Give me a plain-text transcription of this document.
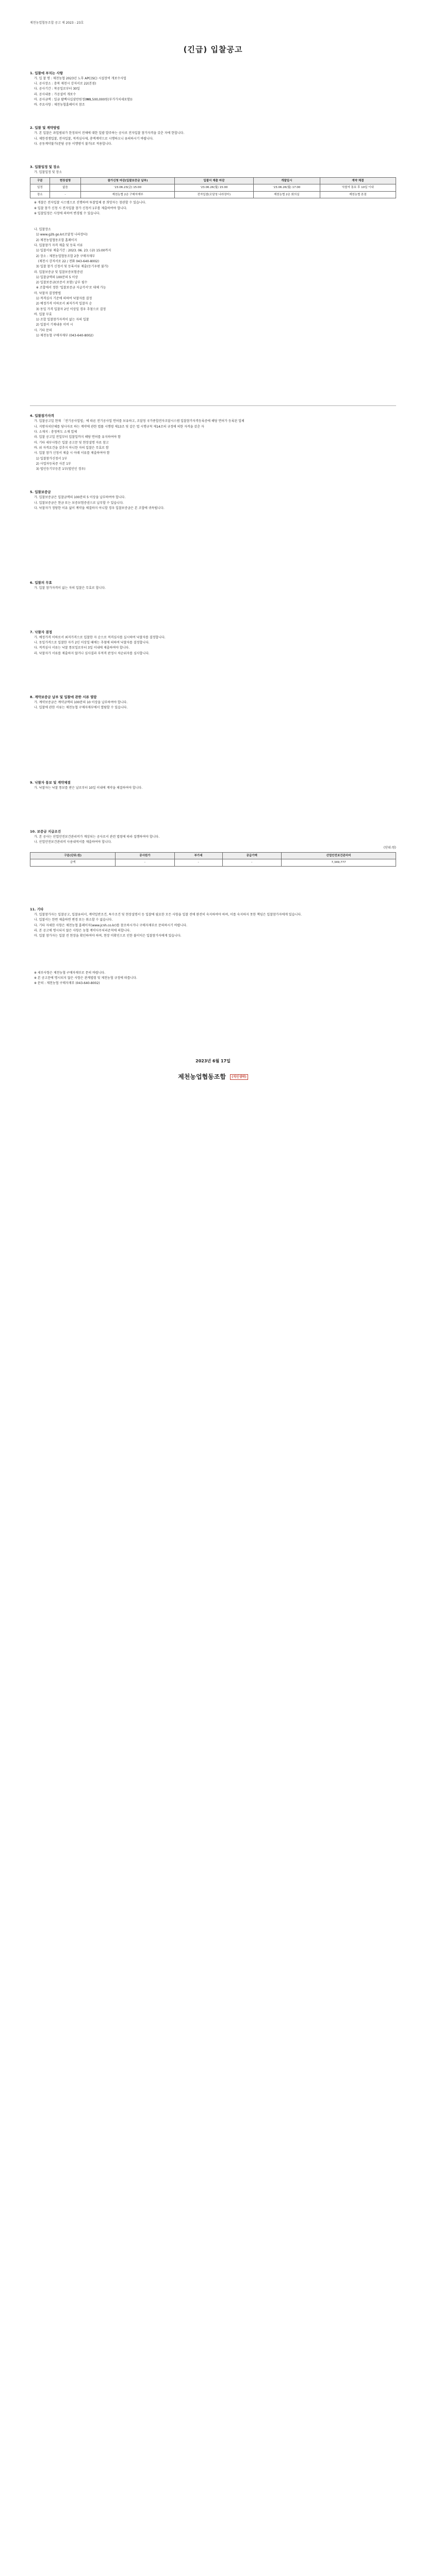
제천농업협동조합 공고 제 2023 - 23호
(긴급) 입찰공고
1. 입찰에 부치는 사항

가. 입 찰 명 : 제천농협 2023년 노후 APC(SC) 시설장비 개보수사업

나. 공사장소 : 충북 제천시 강저서로 22(본점)

다. 공사기간 : 착공일로부터 30일

라. 공사내용 : 가공설비 개보수

마. 공사금액 : 일금 팔백사십삼만원정(₩8,500,000원(부가가치세포함))

바. 주요사항 : 제천농협홈페이지 참조

2. 입찰 및 계약방법

가. 본 입찰은 과업범위가 한정되어 전체에 대한 일괄 발주하는 공사로 전자입찰 참가자격을 갖춘 자에 한합니다.

나. 제한경쟁입찰, 전자입찰, 적격심사제, 총액계약으로 시행하오니 유의하시기 바랍니다.

다. 공동계약불가(분담 공동 이행방식 불가)로 적용합니다.

3. 입찰일정 및 장소

가. 입찰일정 및 장소

구분	현장설명	참가신청 마감(입찰보증금 납부)	입찰서 제출 마감	개찰일시	계약 체결
일정	없음	'23.06.23(금) 15:00	'23.06.26(월) 15:00	'23.06.26(월) 17:00	낙찰자 통보 후 10일 이내
장소	-	제천농협 2층 구매자재부	전자입찰(조달청 나라장터)	제천농협 2층 회의실	제천농협 본점

※ 개찰은 전자입찰 시스템으로 진행하며 투찰업체 중 희망자는 참관할 수 있습니다.

※ 입찰 참가 신청 시 전자입찰 참가 신청서 1부를 제출하여야 합니다.

※ 입찰일정은 사정에 의하여 변경될 수 있습니다.

나. 입찰장소

1) www.g2b.go.kr(조달청 나라장터)

2) 제천농업협동조합 홈페이지

다. 입찰참가 자격 제출 및 등록 서류

1) 입찰서류 제출기간 : 2023. 06. 23. (금) 15:00까지

2) 장소 : 제천농업협동조합 2층 구매자재부

(제천시 강저서로 22 / 전화 043-640-8002)

3) 입찰 참가 신청서 및 등록서류 제출(등기우편 불가)

라. 입찰보증금 및 입찰보증보험증권

1) 입찰금액의 100분의 5 이상

2) 입찰보증금(보증서 포함) 납부 필수

※ 조합에서 정한 '입찰보증금 지급각서'로 대체 가능

마. 낙찰자 결정방법

1) 적격심사 기준에 의하여 낙찰자를 결정

2) 예정가격 이하로서 최저가격 입찰자 순

3) 동일 가격 입찰자 2인 이상일 경우 추첨으로 결정

바. 입찰 무효

1) 조합 입찰참가자격이 없는 자의 입찰

2) 입찰서 기재내용 미비 시

사. 기타 문의

1) 제천농협 구매자재부 (043-640-8002)

4. 입찰참가자격

가. 입찰공고일 현재 「전기공사업법」에 따른 전기공사업 면허를 보유하고, 조달청 국가종합전자조달시스템 입찰참가자격등록증에 해당 면허가 등록된 업체

나. 지방자치단체를 당사자로 하는 계약에 관한 법률 시행령 제13조 및 같은 법 시행규칙 제14조의 규정에 의한 자격을 갖춘 자

다. 소재지 : 충청북도 소재 업체

라. 입찰 공고일 전일부터 입찰일까지 해당 면허를 유지하여야 함

마. 기타 세부사항은 입찰 공고문 및 현장설명 자료 참고

바. 위 자격요건을 갖추지 아니한 자의 입찰은 무효로 함

사. 입찰 참가 신청서 제출 시 아래 서류를 제출하여야 함

1) 입찰참가신청서 1부

2) 사업자등록증 사본 1부

3) 법인등기부등본 1부(법인인 경우)

5. 입찰보증금

가. 입찰보증금은 입찰금액의 100분의 5 이상을 납부하여야 합니다.

나. 입찰보증금은 현금 또는 보증보험증권으로 납부할 수 있습니다.

다. 낙찰자가 정당한 이유 없이 계약을 체결하지 아니할 경우 입찰보증금은 본 조합에 귀속됩니다.

6. 입찰의 무효

가. 입찰 참가자격이 없는 자의 입찰은 무효로 합니다.

7. 낙찰자 결정

가. 예정가격 이하로서 최저가격으로 입찰한 자 순으로 적격심사를 실시하여 낙찰자를 결정합니다.

나. 동일가격으로 입찰한 자가 2인 이상일 때에는 추첨에 의하여 낙찰자를 결정합니다.

다. 적격심사 서류는 낙찰 통보일로부터 3일 이내에 제출하여야 합니다.

라. 낙찰자가 서류를 제출하지 않거나 심사결과 부적격 판정시 차순위자를 심사합니다.

8. 계약보증금 납부 및 입찰에 관한 서류 열람

가. 계약보증금은 계약금액의 100분의 10 이상을 납부하여야 합니다.

나. 입찰에 관한 서류는 제천농협 구매자재부에서 열람할 수 있습니다.

9. 낙찰자 통보 및 계약체결

가. 낙찰자는 낙찰 통보를 받은 날로부터 10일 이내에 계약을 체결하여야 합니다.

10. 보증금 지급조건

가. 본 공사는 산업안전보건관리비가 계상되는 공사로서 관련 법령에 따라 집행하여야 합니다.

나. 산업안전보건관리비 사용내역서를 제출하여야 합니다.

(단위:원)
구분(단위:원)	공사원가	부가세	공급가액	산업안전보건관리비
금액	-	-	-	7,349,777
11. 기타

가. 입찰참가자는 입찰공고, 입찰유의서, 계약일반조건, 특수조건 및 현장설명서 등 입찰에 필요한 모든 사항을 입찰 전에 완전히 숙지하여야 하며, 이를 숙지하지 못한 책임은 입찰참가자에게 있습니다.

나. 입찰서는 한번 제출하면 변경 또는 취소할 수 없습니다.

다. 기타 자세한 사항은 제천농협 홈페이지(www.jcnh.co.kr)를 참조하시거나 구매자재부로 문의하시기 바랍니다.

라. 본 공고에 명시되지 않은 사항은 농협 계약사무처리준칙에 의합니다.

마. 입찰 참가자는 입찰 전 현장을 확인하여야 하며, 현장 미확인으로 인한 불이익은 입찰참가자에게 있습니다.

※ 세부사항은 제천농협 구매자재부로 문의 바랍니다.

※ 본 공고문에 명시되지 않은 사항은 관계법령 및 제천농협 규정에 따릅니다.

※ 문의 : 제천농협 구매자재부 (043-640-8002)

2023년 6월 17일
제천농업협동조합 (직인생략)
